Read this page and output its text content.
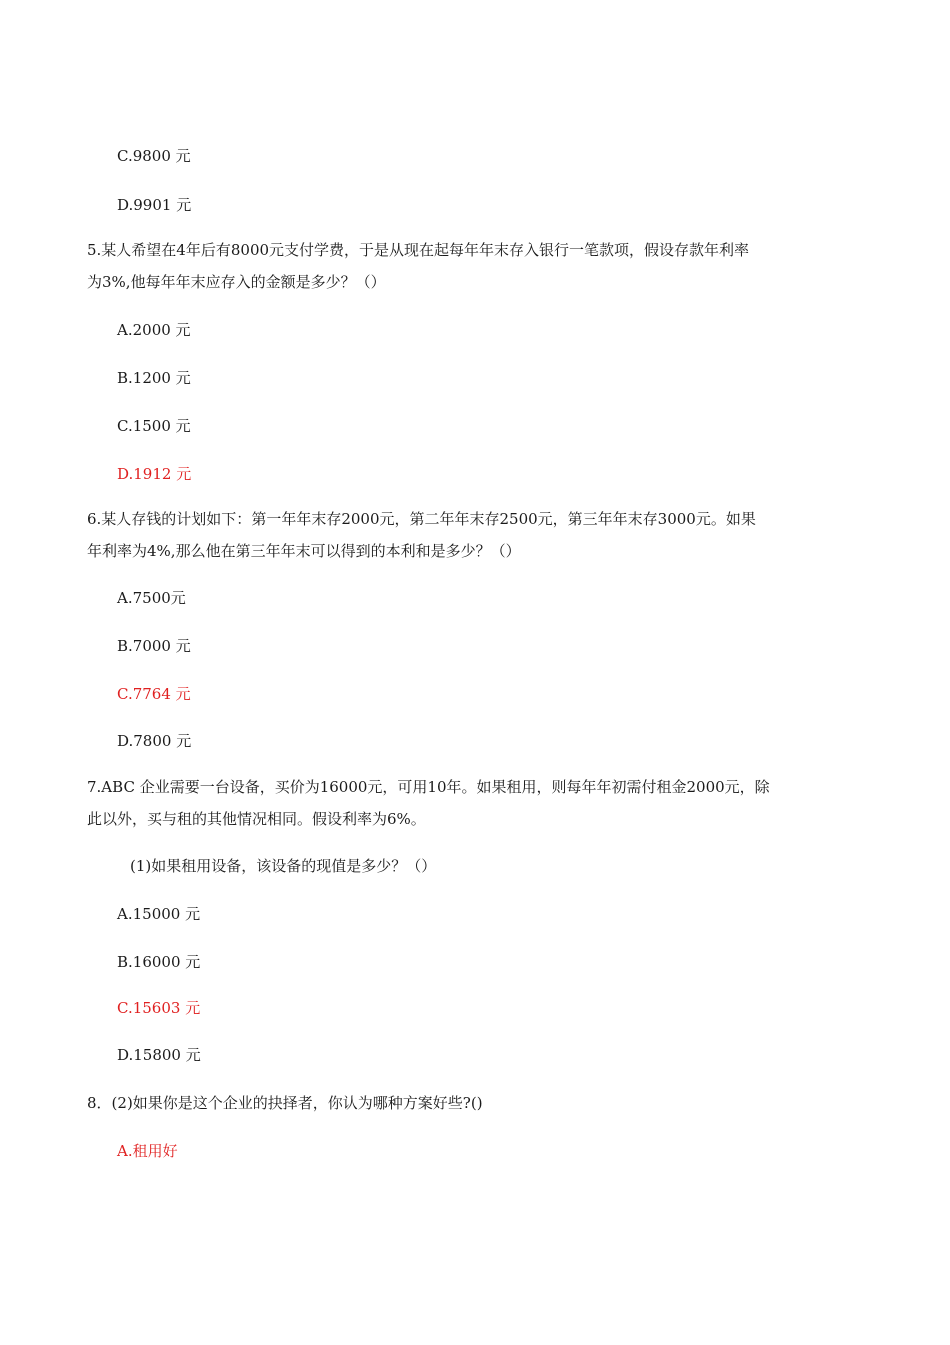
C.9800 元
D.9901 元
5.某人希望在4年后有8000元支付学费，于是从现在起每年年末存入银行一笔款项，假设存款年利率
为3%,他每年年末应存入的金额是多少？（）
A.2000 元
B.1200 元
C.1500 元
D.1912 元
6.某人存钱的计划如下：第一年年末存2000元，第二年年末存2500元，第三年年末存3000元。如果
年利率为4%,那么他在第三年年末可以得到的本利和是多少？（）
A.7500元
B.7000 元
C.7764 元
D.7800 元
7.ABC 企业需要一台设备，买价为16000元，可用10年。如果租用，则每年年初需付租金2000元，除
此以外，买与租的其他情况相同。假设利率为6%。
(1)如果租用设备，该设备的现值是多少？（）
A.15000 元
B.16000 元
C.15603 元
D.15800 元
8．(2)如果你是这个企业的抉择者，你认为哪种方案好些?()
A.租用好
